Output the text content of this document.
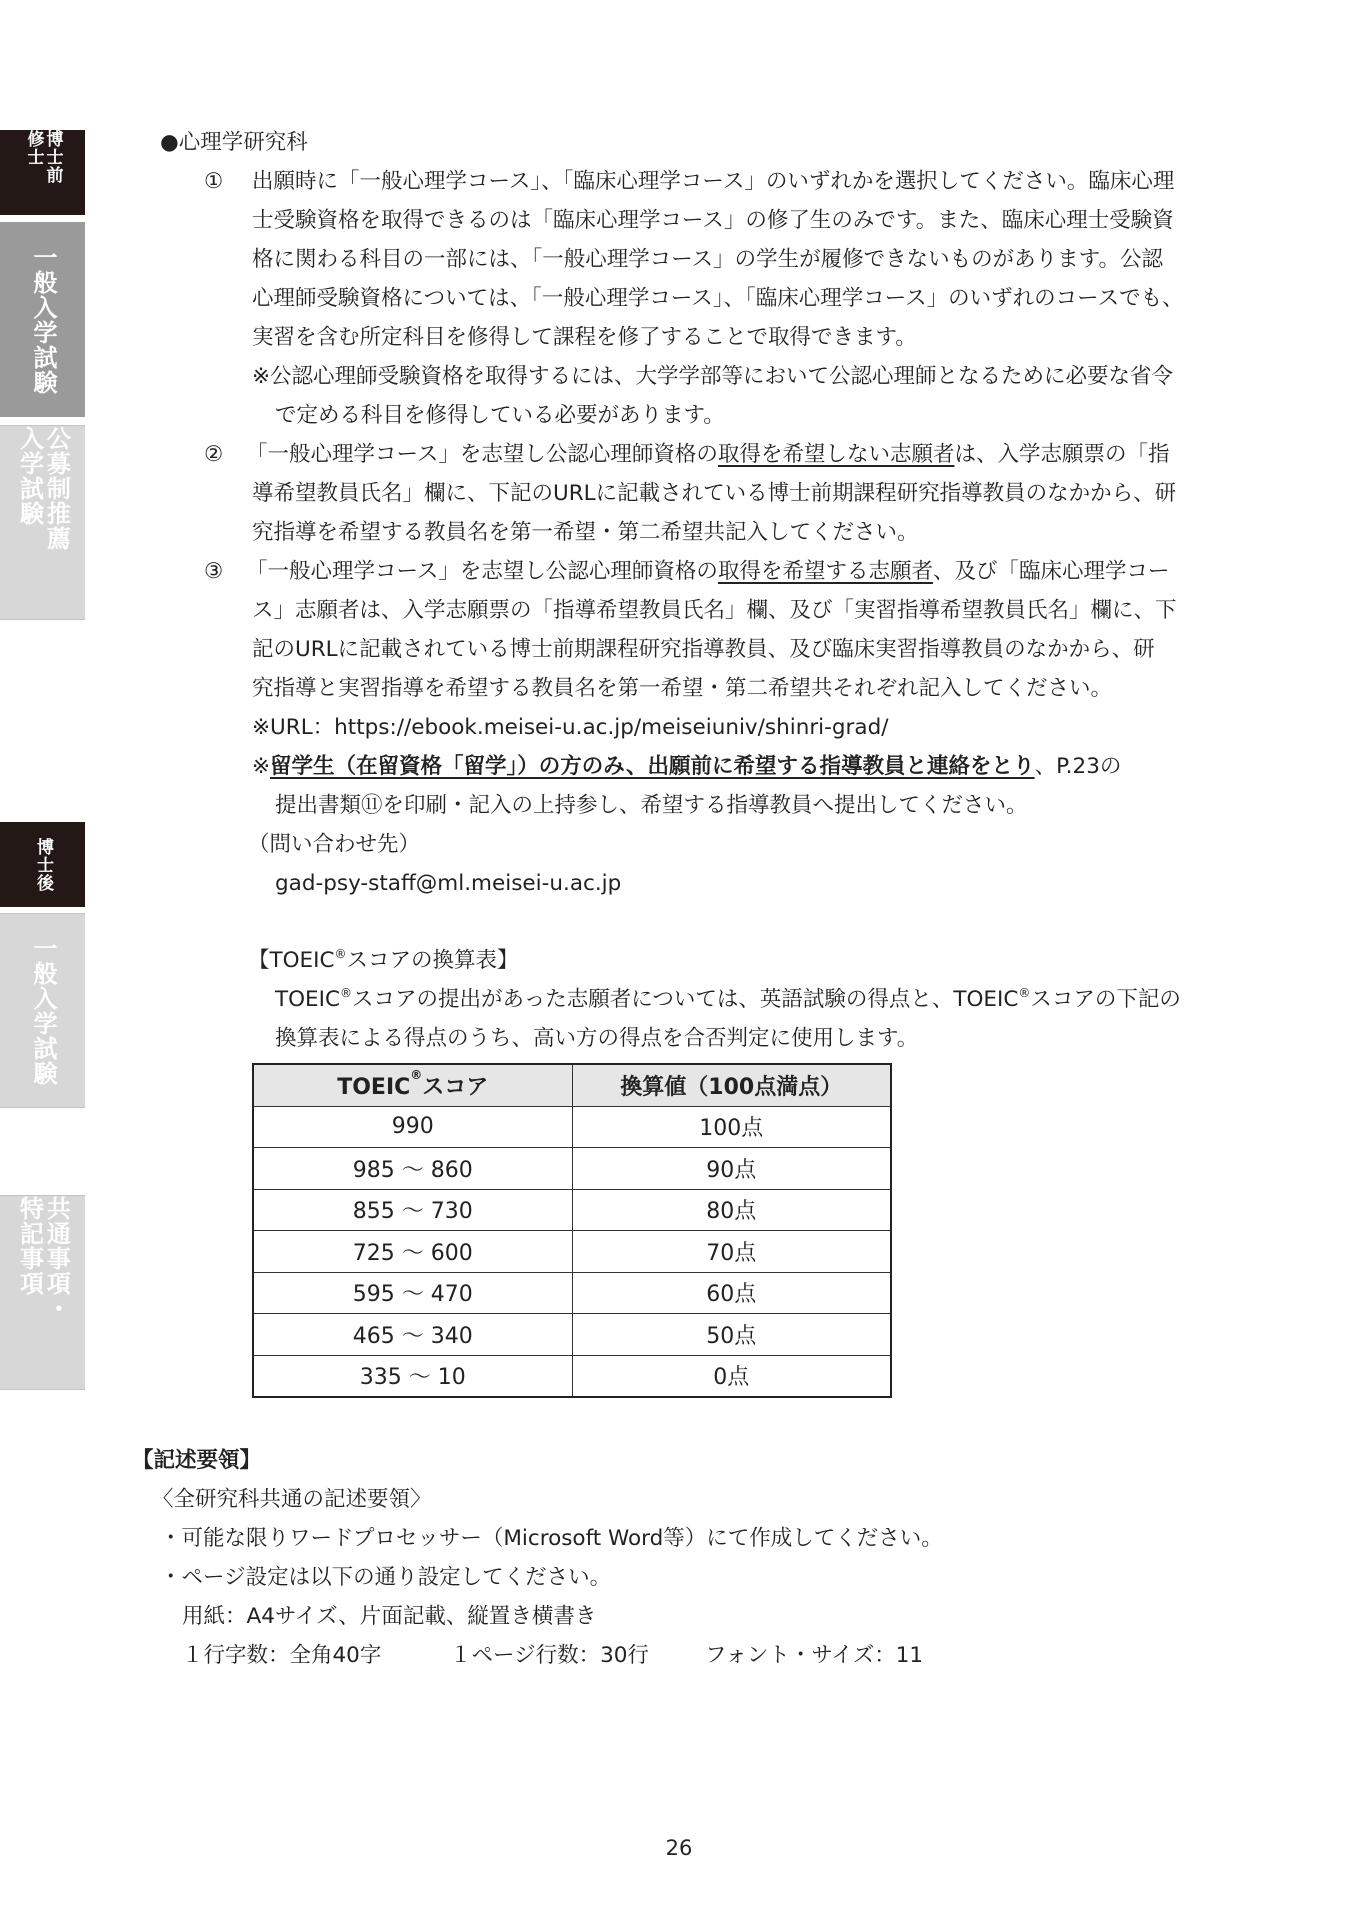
博士前 修士
一般入学試験
公募制推薦 入学試験
博士後
一般入学試験
共通事項・ 特記事項
●心理学研究科
① 出願時に「一般心理学コース」、「臨床心理学コース」のいずれかを選択してください。臨床心理
士受験資格を取得できるのは「臨床心理学コース」の修了生のみです。また、臨床心理士受験資
格に関わる科目の一部には、「一般心理学コース」の学生が履修できないものがあります。公認
心理師受験資格については、「一般心理学コース」、「臨床心理学コース」のいずれのコースでも、
実習を含む所定科目を修得して課程を修了することで取得できます。
※公認心理師受験資格を取得するには、大学学部等において公認心理師となるために必要な省令
で定める科目を修得している必要があります。
② 「一般心理学コース」を志望し公認心理師資格の取得を希望しない志願者は、入学志願票の「指
導希望教員氏名」欄に、下記のURLに記載されている博士前期課程研究指導教員のなかから、研
究指導を希望する教員名を第一希望・第二希望共記入してください。
③ 「一般心理学コース」を志望し公認心理師資格の取得を希望する志願者、及び「臨床心理学コー
ス」志願者は、入学志願票の「指導希望教員氏名」欄、及び「実習指導希望教員氏名」欄に、下
記のURLに記載されている博士前期課程研究指導教員、及び臨床実習指導教員のなかから、研
究指導と実習指導を希望する教員名を第一希望・第二希望共それぞれ記入してください。
※URL：https://ebook.meisei-u.ac.jp/meiseiuniv/shinri-grad/
※留学生（在留資格「留学」）の方のみ、出願前に希望する指導教員と連絡をとり、P.23の
提出書類⑪を印刷・記入の上持参し、希望する指導教員へ提出してください。
（問い合わせ先）
gad-psy-staff@ml.meisei-u.ac.jp
【TOEIC®スコアの換算表】
TOEIC®スコアの提出があった志願者については、英語試験の得点と、TOEIC®スコアの下記の
換算表による得点のうち、高い方の得点を合否判定に使用します。
TOEIC®スコア	換算値（100点満点）
990	100点
985 ～ 860	90点
855 ～ 730	80点
725 ～ 600	70点
595 ～ 470	60点
465 ～ 340	50点
335 ～ 10	0点
【記述要領】
〈全研究科共通の記述要領〉
・可能な限りワードプロセッサー（Microsoft Word等）にて作成してください。
・ページ設定は以下の通り設定してください。
用紙：A4サイズ、片面記載、縦置き横書き
１行字数：全角40字	１ページ行数：30行	フォント・サイズ：11
26
